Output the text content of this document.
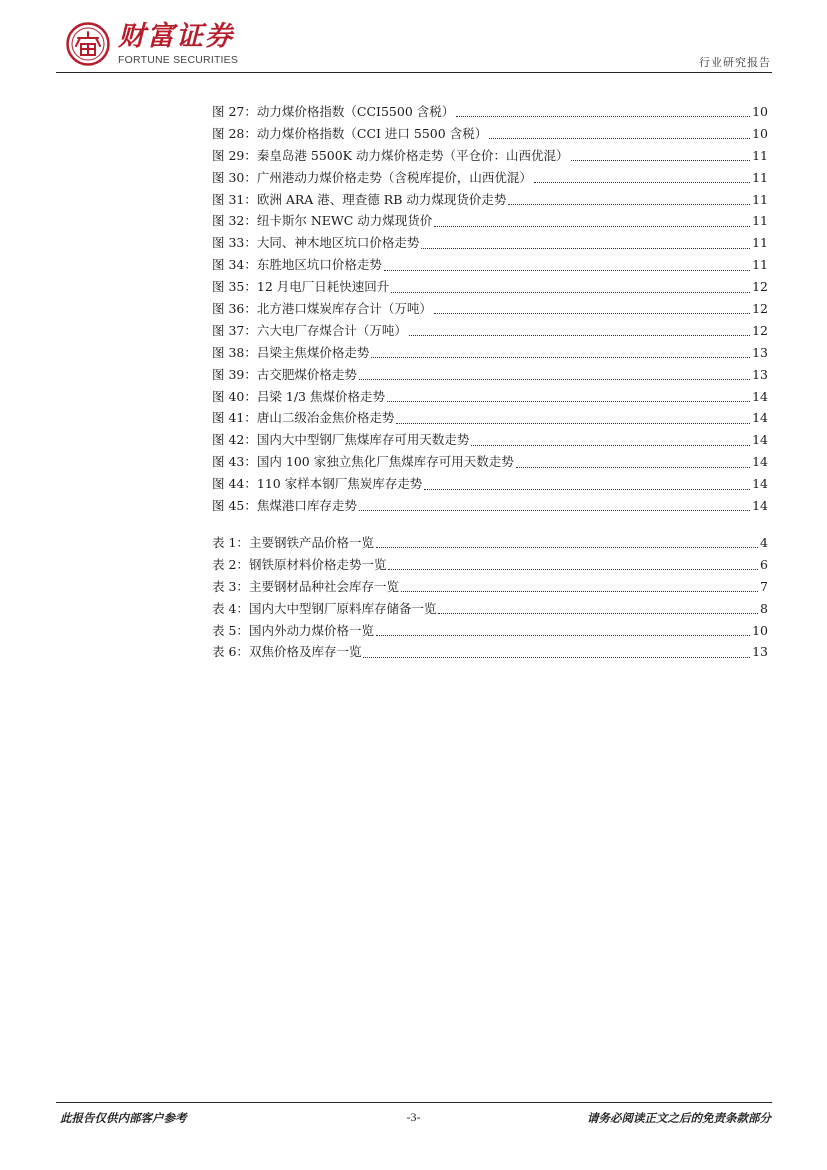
财富证券
FORTUNE SECURITIES	行业研究报告
图 27： 动力煤价格指数（CCI5500 含税）	10
图 28： 动力煤价格指数（CCI 进口 5500 含税）	10
图 29： 秦皇岛港 5500K 动力煤价格走势（平仓价：山西优混）	11
图 30： 广州港动力煤价格走势（含税库提价，山西优混）	11
图 31： 欧洲 ARA 港、理查德 RB 动力煤现货价走势	11
图 32： 纽卡斯尔 NEWC 动力煤现货价	11
图 33： 大同、神木地区坑口价格走势	11
图 34： 东胜地区坑口价格走势	11
图 35： 12 月电厂日耗快速回升	12
图 36： 北方港口煤炭库存合计（万吨）	12
图 37： 六大电厂存煤合计（万吨）	12
图 38： 吕梁主焦煤价格走势	13
图 39： 古交肥煤价格走势	13
图 40： 吕梁 1/3 焦煤价格走势	14
图 41： 唐山二级冶金焦价格走势	14
图 42： 国内大中型钢厂焦煤库存可用天数走势	14
图 43： 国内 100 家独立焦化厂焦煤库存可用天数走势	14
图 44： 110 家样本钢厂焦炭库存走势	14
图 45： 焦煤港口库存走势	14
表 1： 主要钢铁产品价格一览	4
表 2： 钢铁原材料价格走势一览	6
表 3： 主要钢材品种社会库存一览	7
表 4： 国内大中型钢厂原料库存储备一览	8
表 5： 国内外动力煤价格一览	10
表 6： 双焦价格及库存一览	13
此报告仅供内部客户参考	-3-	请务必阅读正文之后的免责条款部分
